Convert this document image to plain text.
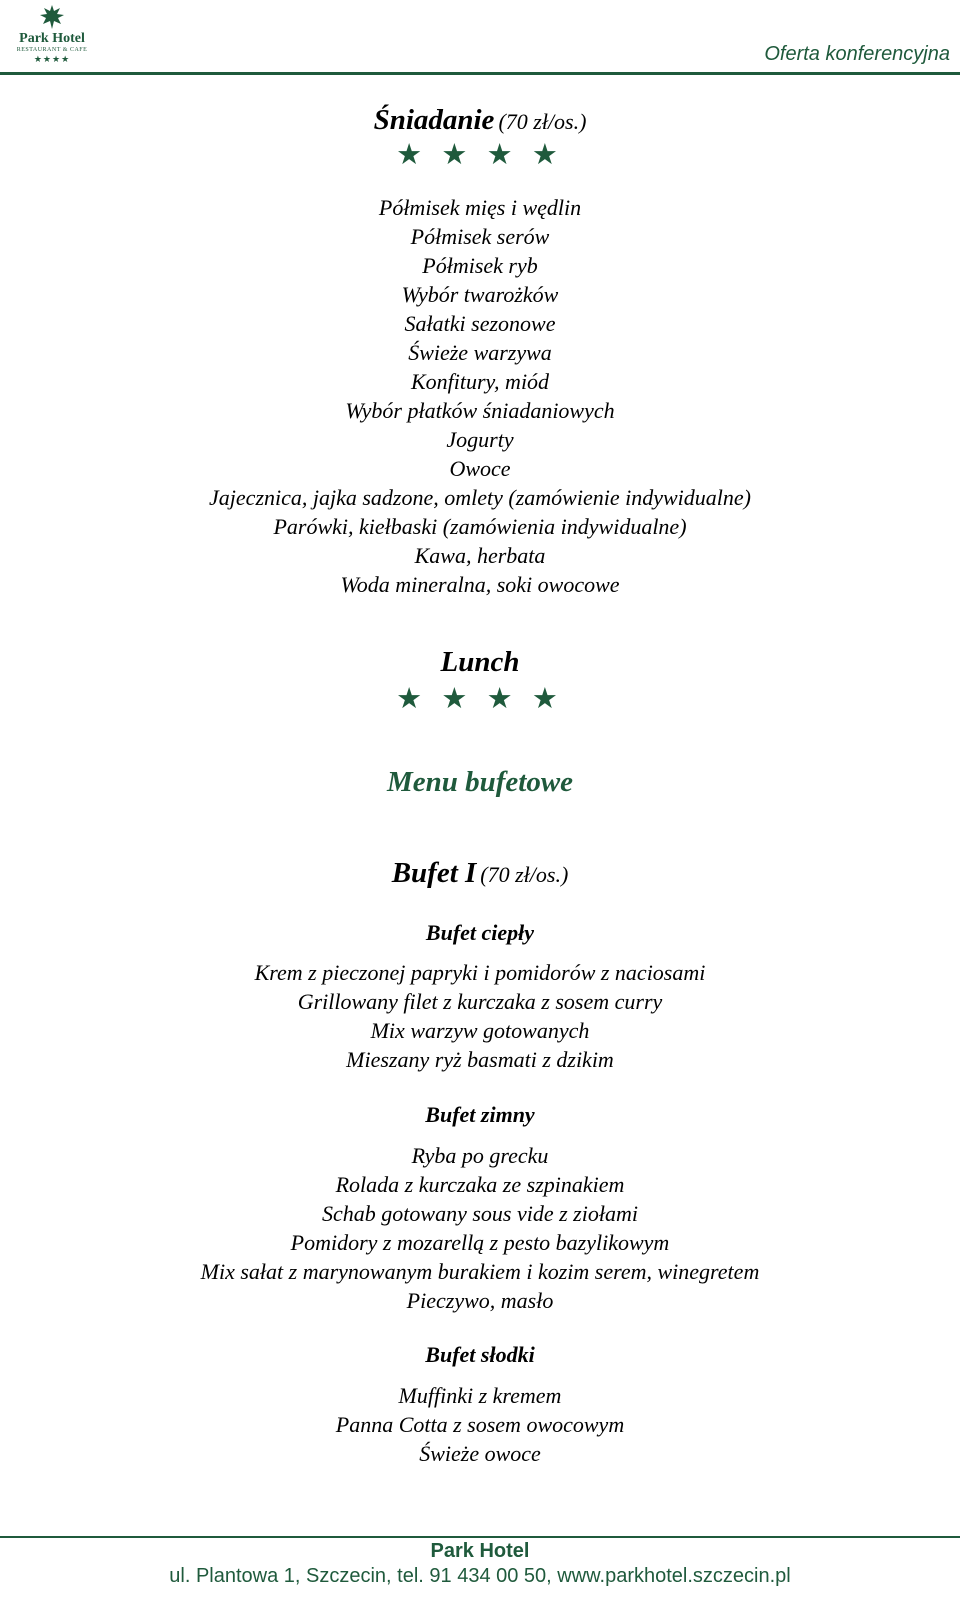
Park Hotel
RESTAURANT & CAFE
★★★★	Oferta konferencyjna
Śniadanie (70 zł/os.)
★ ★ ★ ★
Półmisek mięs i wędlin
Półmisek serów
Półmisek ryb
Wybór twarożków
Sałatki sezonowe
Świeże warzywa
Konfitury, miód
Wybór płatków śniadaniowych
Jogurty
Owoce
Jajecznica, jajka sadzone, omlety (zamówienie indywidualne)
Parówki, kiełbaski (zamówienia indywidualne)
Kawa, herbata
Woda mineralna, soki owocowe
Lunch
★ ★ ★ ★
Menu bufetowe
Bufet I (70 zł/os.)
Bufet ciepły
Krem z pieczonej papryki i pomidorów z naciosami
Grillowany filet z kurczaka z sosem curry
Mix warzyw gotowanych
Mieszany ryż basmati z dzikim
Bufet zimny
Ryba po grecku
Rolada z kurczaka ze szpinakiem
Schab gotowany sous vide z ziołami
Pomidory z mozarellą z pesto bazylikowym
Mix sałat z marynowanym burakiem i kozim serem, winegretem
Pieczywo, masło
Bufet słodki
Muffinki z kremem
Panna Cotta z sosem owocowym
Świeże owoce
Park Hotel
ul. Plantowa 1, Szczecin, tel. 91 434 00 50, www.parkhotel.szczecin.pl
